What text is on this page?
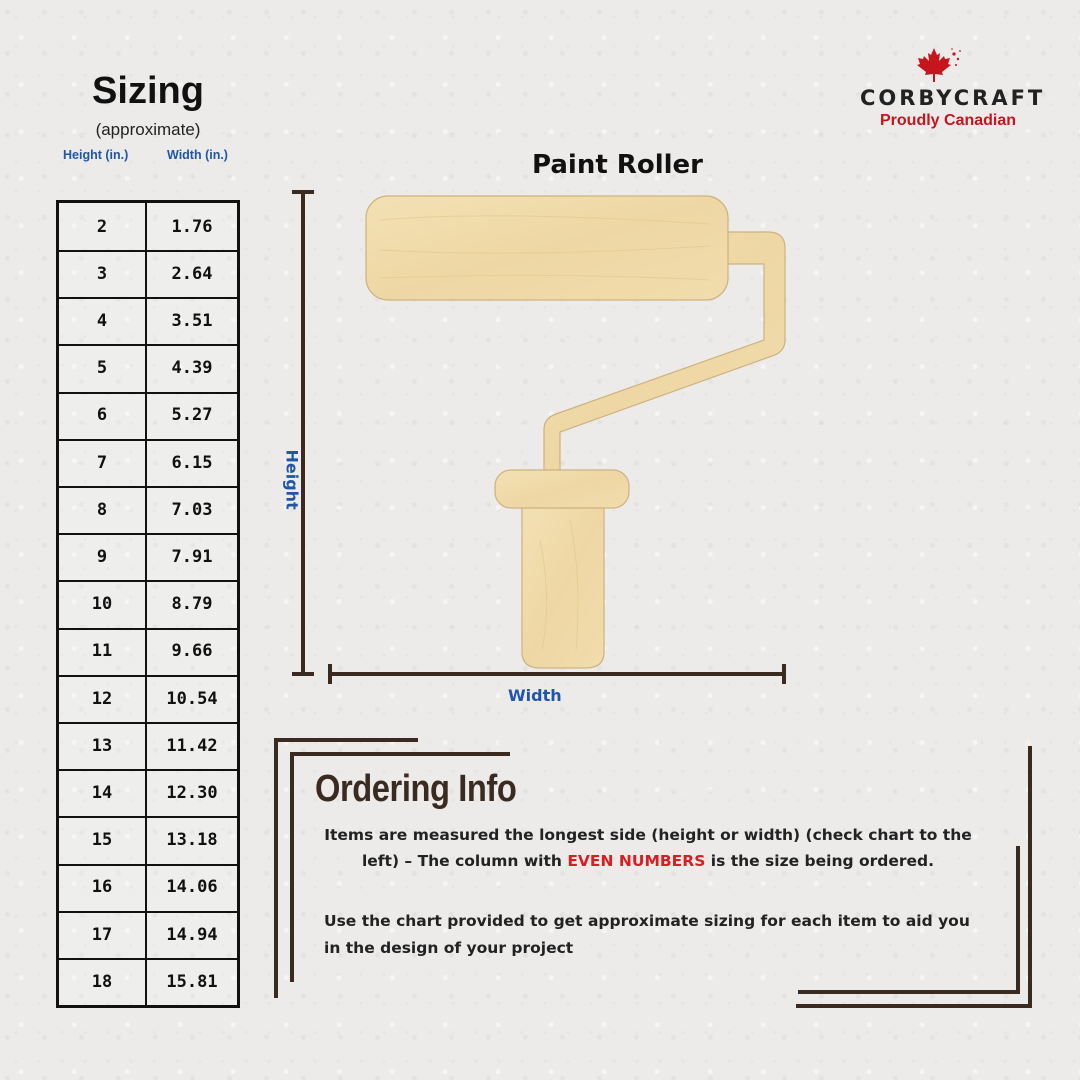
Sizing
(approximate)
Height (in.)	Width (in.)
2	1.76
3	2.64
4	3.51
5	4.39
6	5.27
7	6.15
8	7.03
9	7.91
10	8.79
11	9.66
12	10.54
13	11.42
14	12.30
15	13.18
16	14.06
17	14.94
18	15.81
CORBYCRAFT
Proudly Canadian
Paint Roller
Height
Width
Ordering Info
Items are measured the longest side (height or width) (check chart to the left) – The column with EVEN NUMBERS is the size being ordered.
Use the chart provided to get approximate sizing for each item to aid you in the design of your project
